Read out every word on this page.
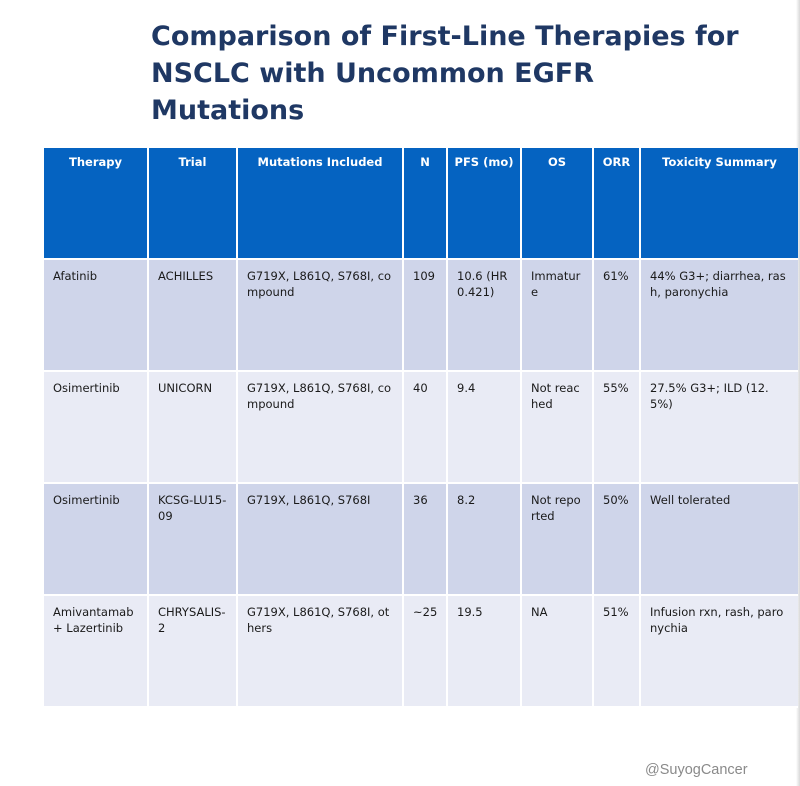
Comparison of First-Line Therapies for
NSCLC with Uncommon EGFR
Mutations
Therapy	Trial	Mutations Included	N	PFS (mo)	OS	ORR	Toxicity Summary
Afatinib	ACHILLES	G719X, L861Q, S768I, compound	109	10.6 (HR 0.421)	Immature	61%	44% G3+; diarrhea, rash, paronychia
Osimertinib	UNICORN	G719X, L861Q, S768I, compound	40	9.4	Not reached	55%	27.5% G3+; ILD (12.5%)
Osimertinib	KCSG-LU15-09	G719X, L861Q, S768I	36	8.2	Not reported	50%	Well tolerated
Amivantamab + Lazertinib	CHRYSALIS-2	G719X, L861Q, S768I, others	~25	19.5	NA	51%	Infusion rxn, rash, paronychia
@SuyogCancer
